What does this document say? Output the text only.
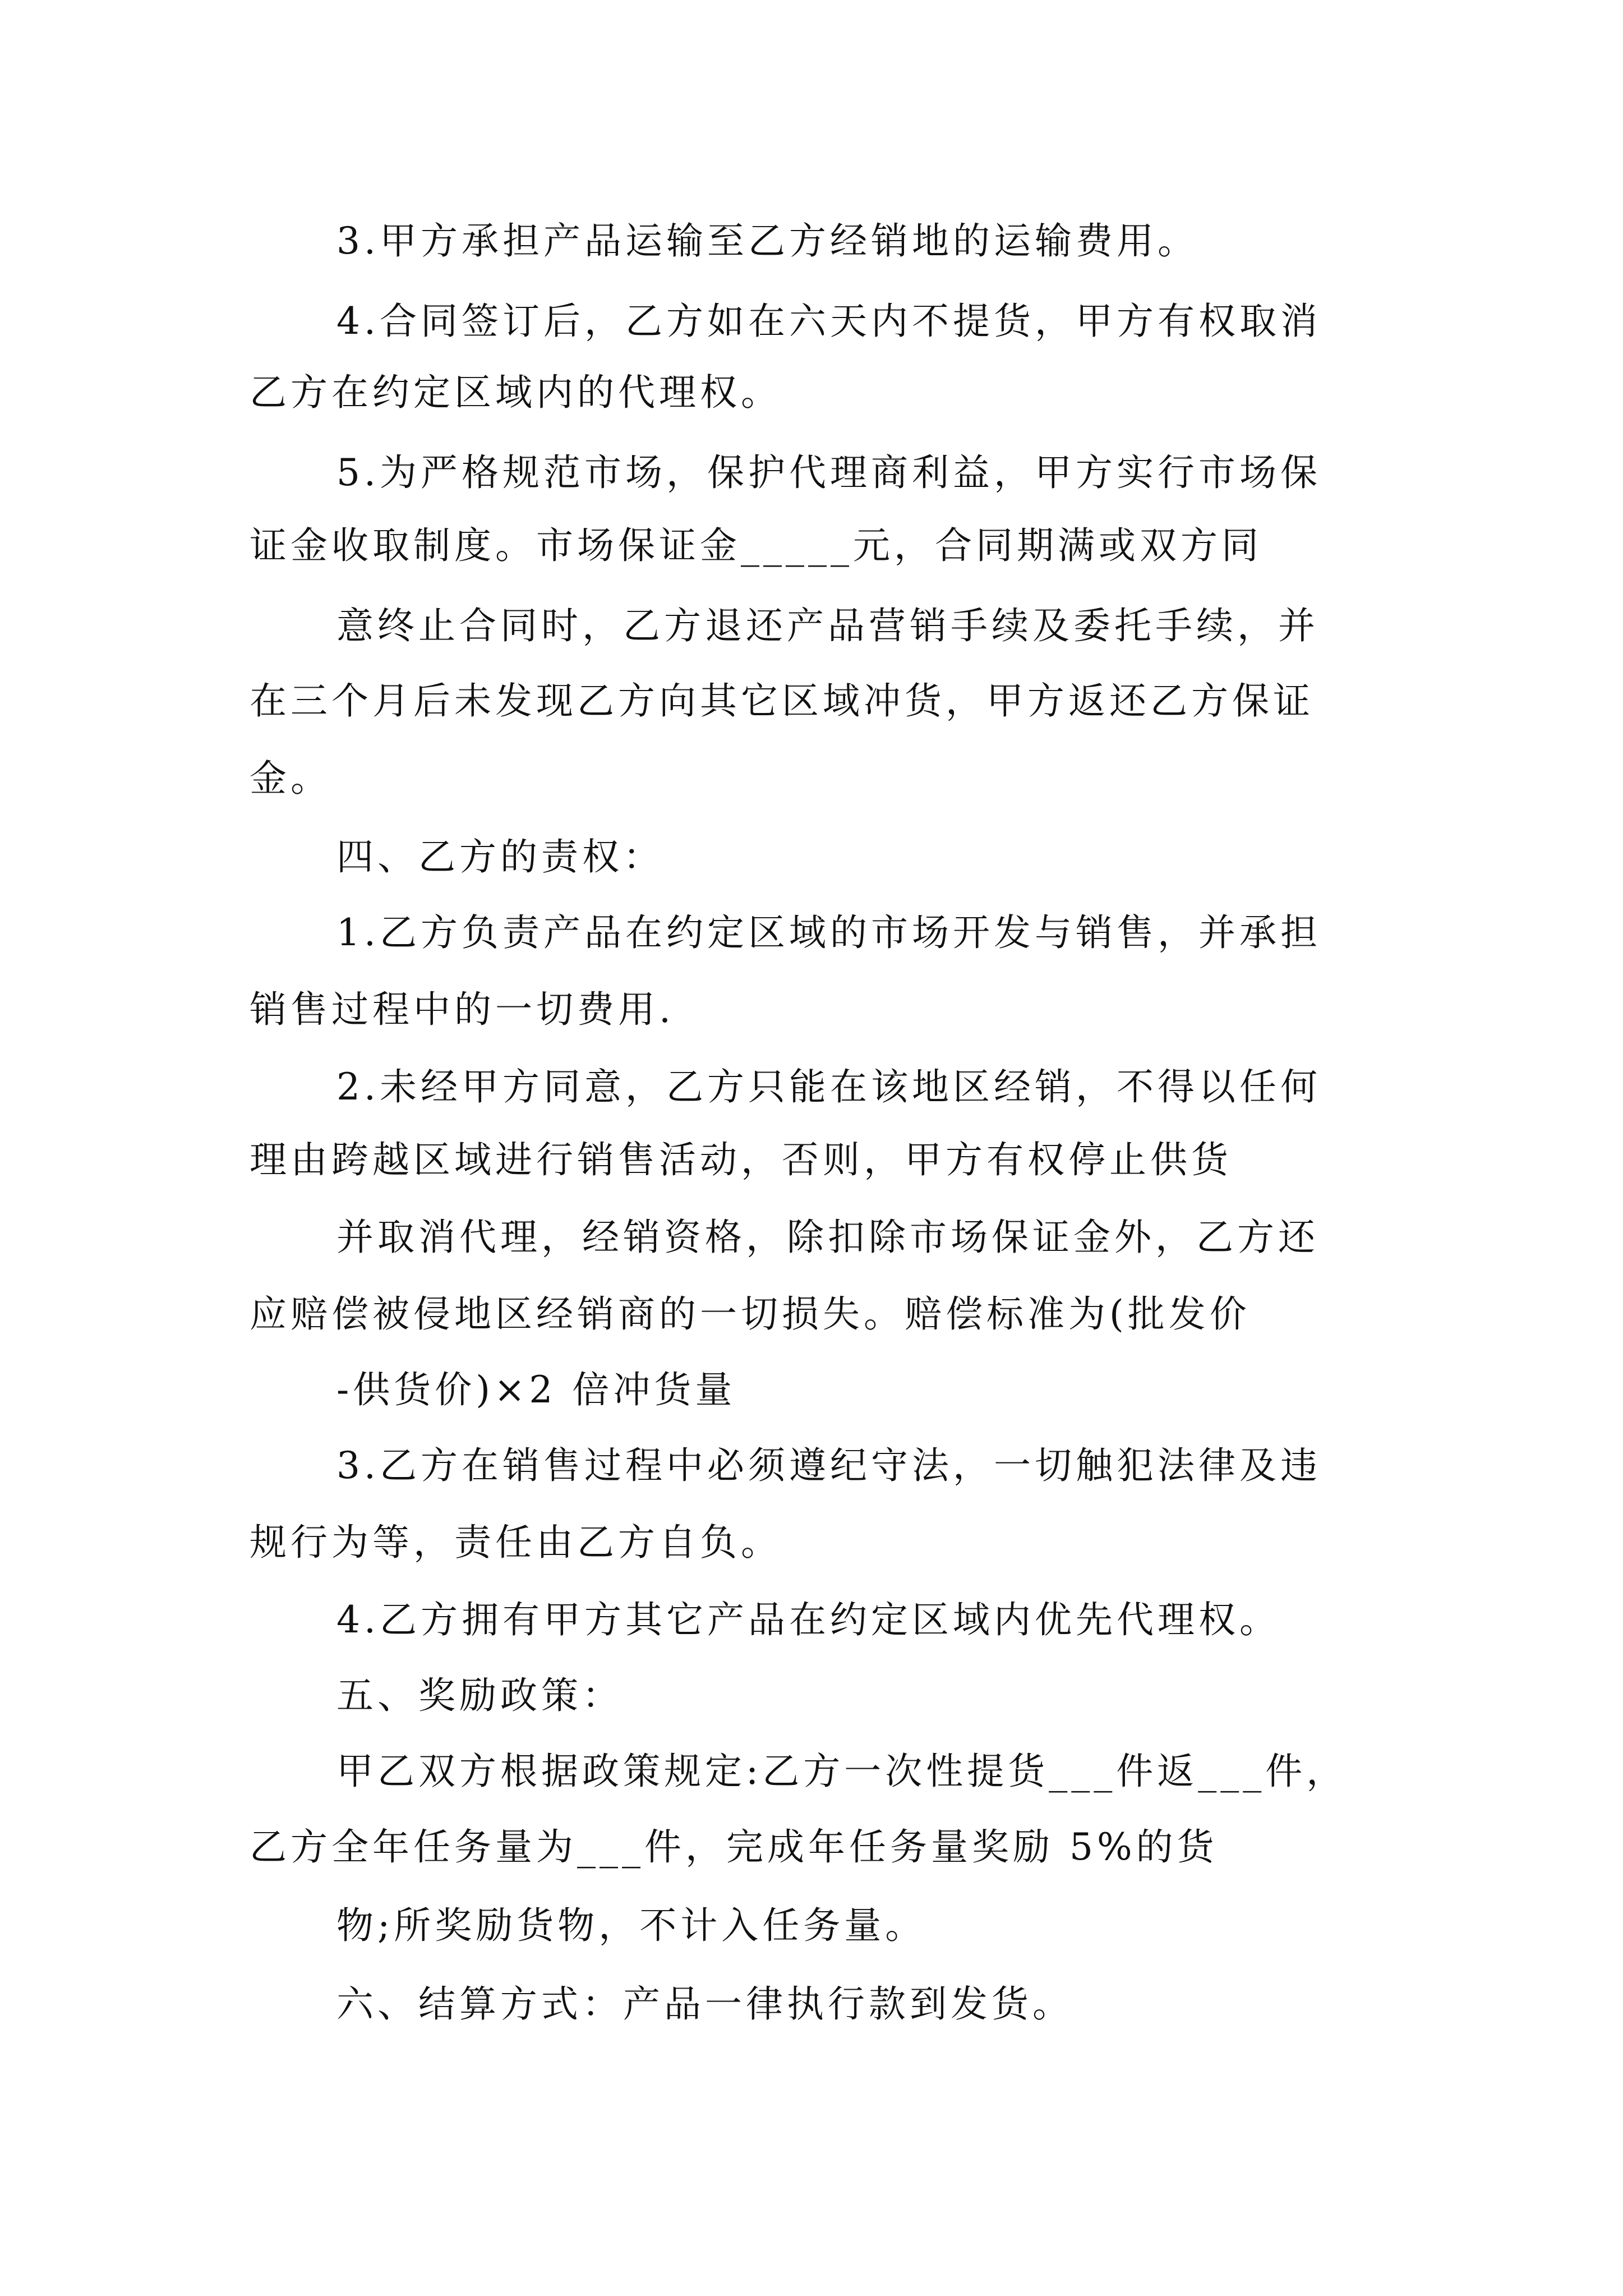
3.甲方承担产品运输至乙方经销地的运输费用。
4.合同签订后，乙方如在六天内不提货，甲方有权取消
乙方在约定区域内的代理权。
5.为严格规范市场，保护代理商利益，甲方实行市场保
证金收取制度。市场保证金_____元，合同期满或双方同
意终止合同时，乙方退还产品营销手续及委托手续，并
在三个月后未发现乙方向其它区域冲货，甲方返还乙方保证
金。
四、乙方的责权：
1.乙方负责产品在约定区域的市场开发与销售，并承担
销售过程中的一切费用.
2.未经甲方同意，乙方只能在该地区经销，不得以任何
理由跨越区域进行销售活动，否则，甲方有权停止供货
并取消代理，经销资格，除扣除市场保证金外，乙方还
应赔偿被侵地区经销商的一切损失。赔偿标准为(批发价
-供货价)×2 倍冲货量
3.乙方在销售过程中必须遵纪守法，一切触犯法律及违
规行为等，责任由乙方自负。
4.乙方拥有甲方其它产品在约定区域内优先代理权。
五、奖励政策：
甲乙双方根据政策规定:乙方一次性提货___件返___件，
乙方全年任务量为___件，完成年任务量奖励 5%的货
物;所奖励货物，不计入任务量。
六、结算方式：产品一律执行款到发货。
